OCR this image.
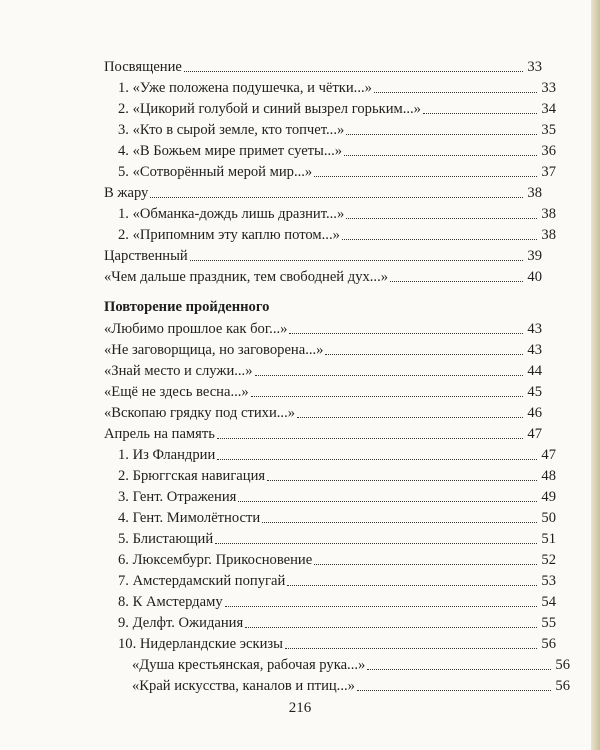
Посвящение	33
1. «Уже положена подушечка, и чётки...»	33
2. «Цикорий голубой и синий вызрел горьким...»	34
3. «Кто в сырой земле, кто топчет...»	35
4. «В Божьем мире примет суеты...»	36
5. «Сотворённый мерой мир...»	37
В жару	38
1. «Обманка-дождь лишь дразнит...»	38
2. «Припомним эту каплю потом...»	38
Царственный	39
«Чем дальше праздник, тем свободней дух...»	40
Повторение пройденного
«Любимо прошлое как бог...»	43
«Не заговорщица, но заговорена...»	43
«Знай место и служи...»	44
«Ещё не здесь весна...»	45
«Вскопаю грядку под стихи...»	46
Апрель на память	47
1. Из Фландрии	47
2. Брюггская навигация	48
3. Гент. Отражения	49
4. Гент. Мимолётности	50
5. Блистающий	51
6. Люксембург. Прикосновение	52
7. Амстердамский попугай	53
8. К Амстердаму	54
9. Делфт. Ожидания	55
10. Нидерландские эскизы	56
«Душа крестьянская, рабочая рука...»	56
«Край искусства, каналов и птиц...»	56
216
